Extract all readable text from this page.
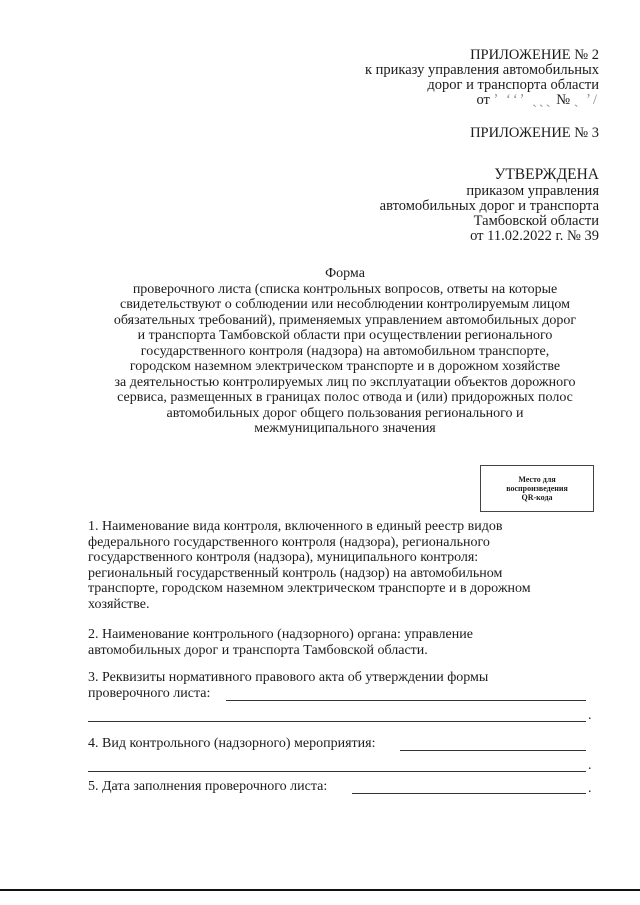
ПРИЛОЖЕНИЕ № 2
к приказу управления автомобильных
дорог и транспорта области
от ʼ ʻʻʼ ˏˏˏ № ˏ ʼ/
ПРИЛОЖЕНИЕ № 3
УТВЕРЖДЕНА
приказом управления
автомобильных дорог и транспорта
Тамбовской области
от 11.02.2022 г. № 39
Форма
проверочного листа (списка контрольных вопросов, ответы на которые
свидетельствуют о соблюдении или несоблюдении контролируемым лицом
обязательных требований), применяемых управлением автомобильных дорог
и транспорта Тамбовской области при осуществлении регионального
государственного контроля (надзора) на автомобильном транспорте,
городском наземном электрическом транспорте и в дорожном хозяйстве
за деятельностью контролируемых лиц по эксплуатации объектов дорожного
сервиса, размещенных в границах полос отвода и (или) придорожных полос
автомобильных дорог общего пользования регионального и
межмуниципального значения
Место для
воспроизведения
QR-кода
1. Наименование вида контроля, включенного в единый реестр видов
федерального государственного контроля (надзора), регионального
государственного контроля (надзора), муниципального контроля:
региональный государственный контроль (надзор) на автомобильном
транспорте, городском наземном электрическом транспорте и в дорожном
хозяйстве.
2. Наименование контрольного (надзорного) органа: управление
автомобильных дорог и транспорта Тамбовской области.
3. Реквизиты нормативного правового акта об утверждении формы
проверочного листа:
.
4. Вид контрольного (надзорного) мероприятия:
.
5. Дата заполнения проверочного листа:	.
